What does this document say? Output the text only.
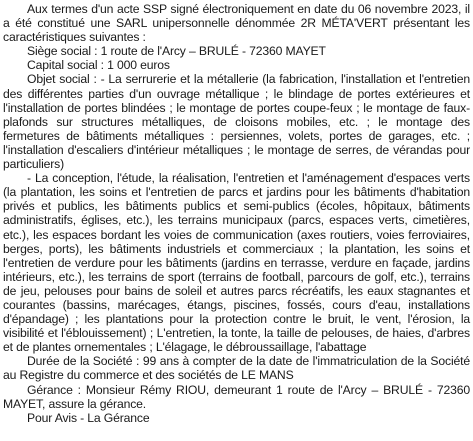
Aux termes d'un acte SSP signé électroniquement en date du 06 novembre 2023, il a été constitué une SARL unipersonnelle dénommée 2R MÉTA'VERT présentant les caractéristiques suivantes :

Siège social : 1 route de l'Arcy – BRULÉ - 72360 MAYET

Capital social : 1 000 euros

Objet social : - La serrurerie et la métallerie (la fabrication, l'installation et l'entretien des différentes parties d'un ouvrage métallique ; le blindage de portes extérieures et l'installation de portes blindées ; le montage de portes coupe-feux ; le montage de faux-plafonds sur structures métalliques, de cloisons mobiles, etc. ; le montage des fermetures de bâtiments métalliques : persiennes, volets, portes de garages, etc. ; l'installation d'escaliers d'intérieur métalliques ; le montage de serres, de vérandas pour particuliers)

- La conception, l'étude, la réalisation, l'entretien et l'aménagement d'espaces verts (la plantation, les soins et l'entretien de parcs et jardins pour les bâtiments d'habitation privés et publics, les bâtiments publics et semi-publics (écoles, hôpitaux, bâtiments administratifs, églises, etc.), les terrains municipaux (parcs, espaces verts, cimetières, etc.), les espaces bordant les voies de communication (axes routiers, voies ferroviaires, berges, ports), les bâtiments industriels et commerciaux ; la plantation, les soins et l'entretien de verdure pour les bâtiments (jardins en terrasse, verdure en façade, jardins intérieurs, etc.), les terrains de sport (terrains de football, parcours de golf, etc.), terrains de jeu, pelouses pour bains de soleil et autres parcs récréatifs, les eaux stagnantes et courantes (bassins, marécages, étangs, piscines, fossés, cours d'eau, installations d'épandage) ; les plantations pour la protection contre le bruit, le vent, l'érosion, la visibilité et l'éblouissement) ; L'entretien, la tonte, la taille de pelouses, de haies, d'arbres et de plantes ornementales ; L'élagage, le débroussaillage, l'abattage

Durée de la Société : 99 ans à compter de la date de l'immatriculation de la Société au Registre du commerce et des sociétés de LE MANS

Gérance : Monsieur Rémy RIOU, demeurant 1 route de l'Arcy – BRULÉ - 72360 MAYET, assure la gérance.

Pour Avis - La Gérance
